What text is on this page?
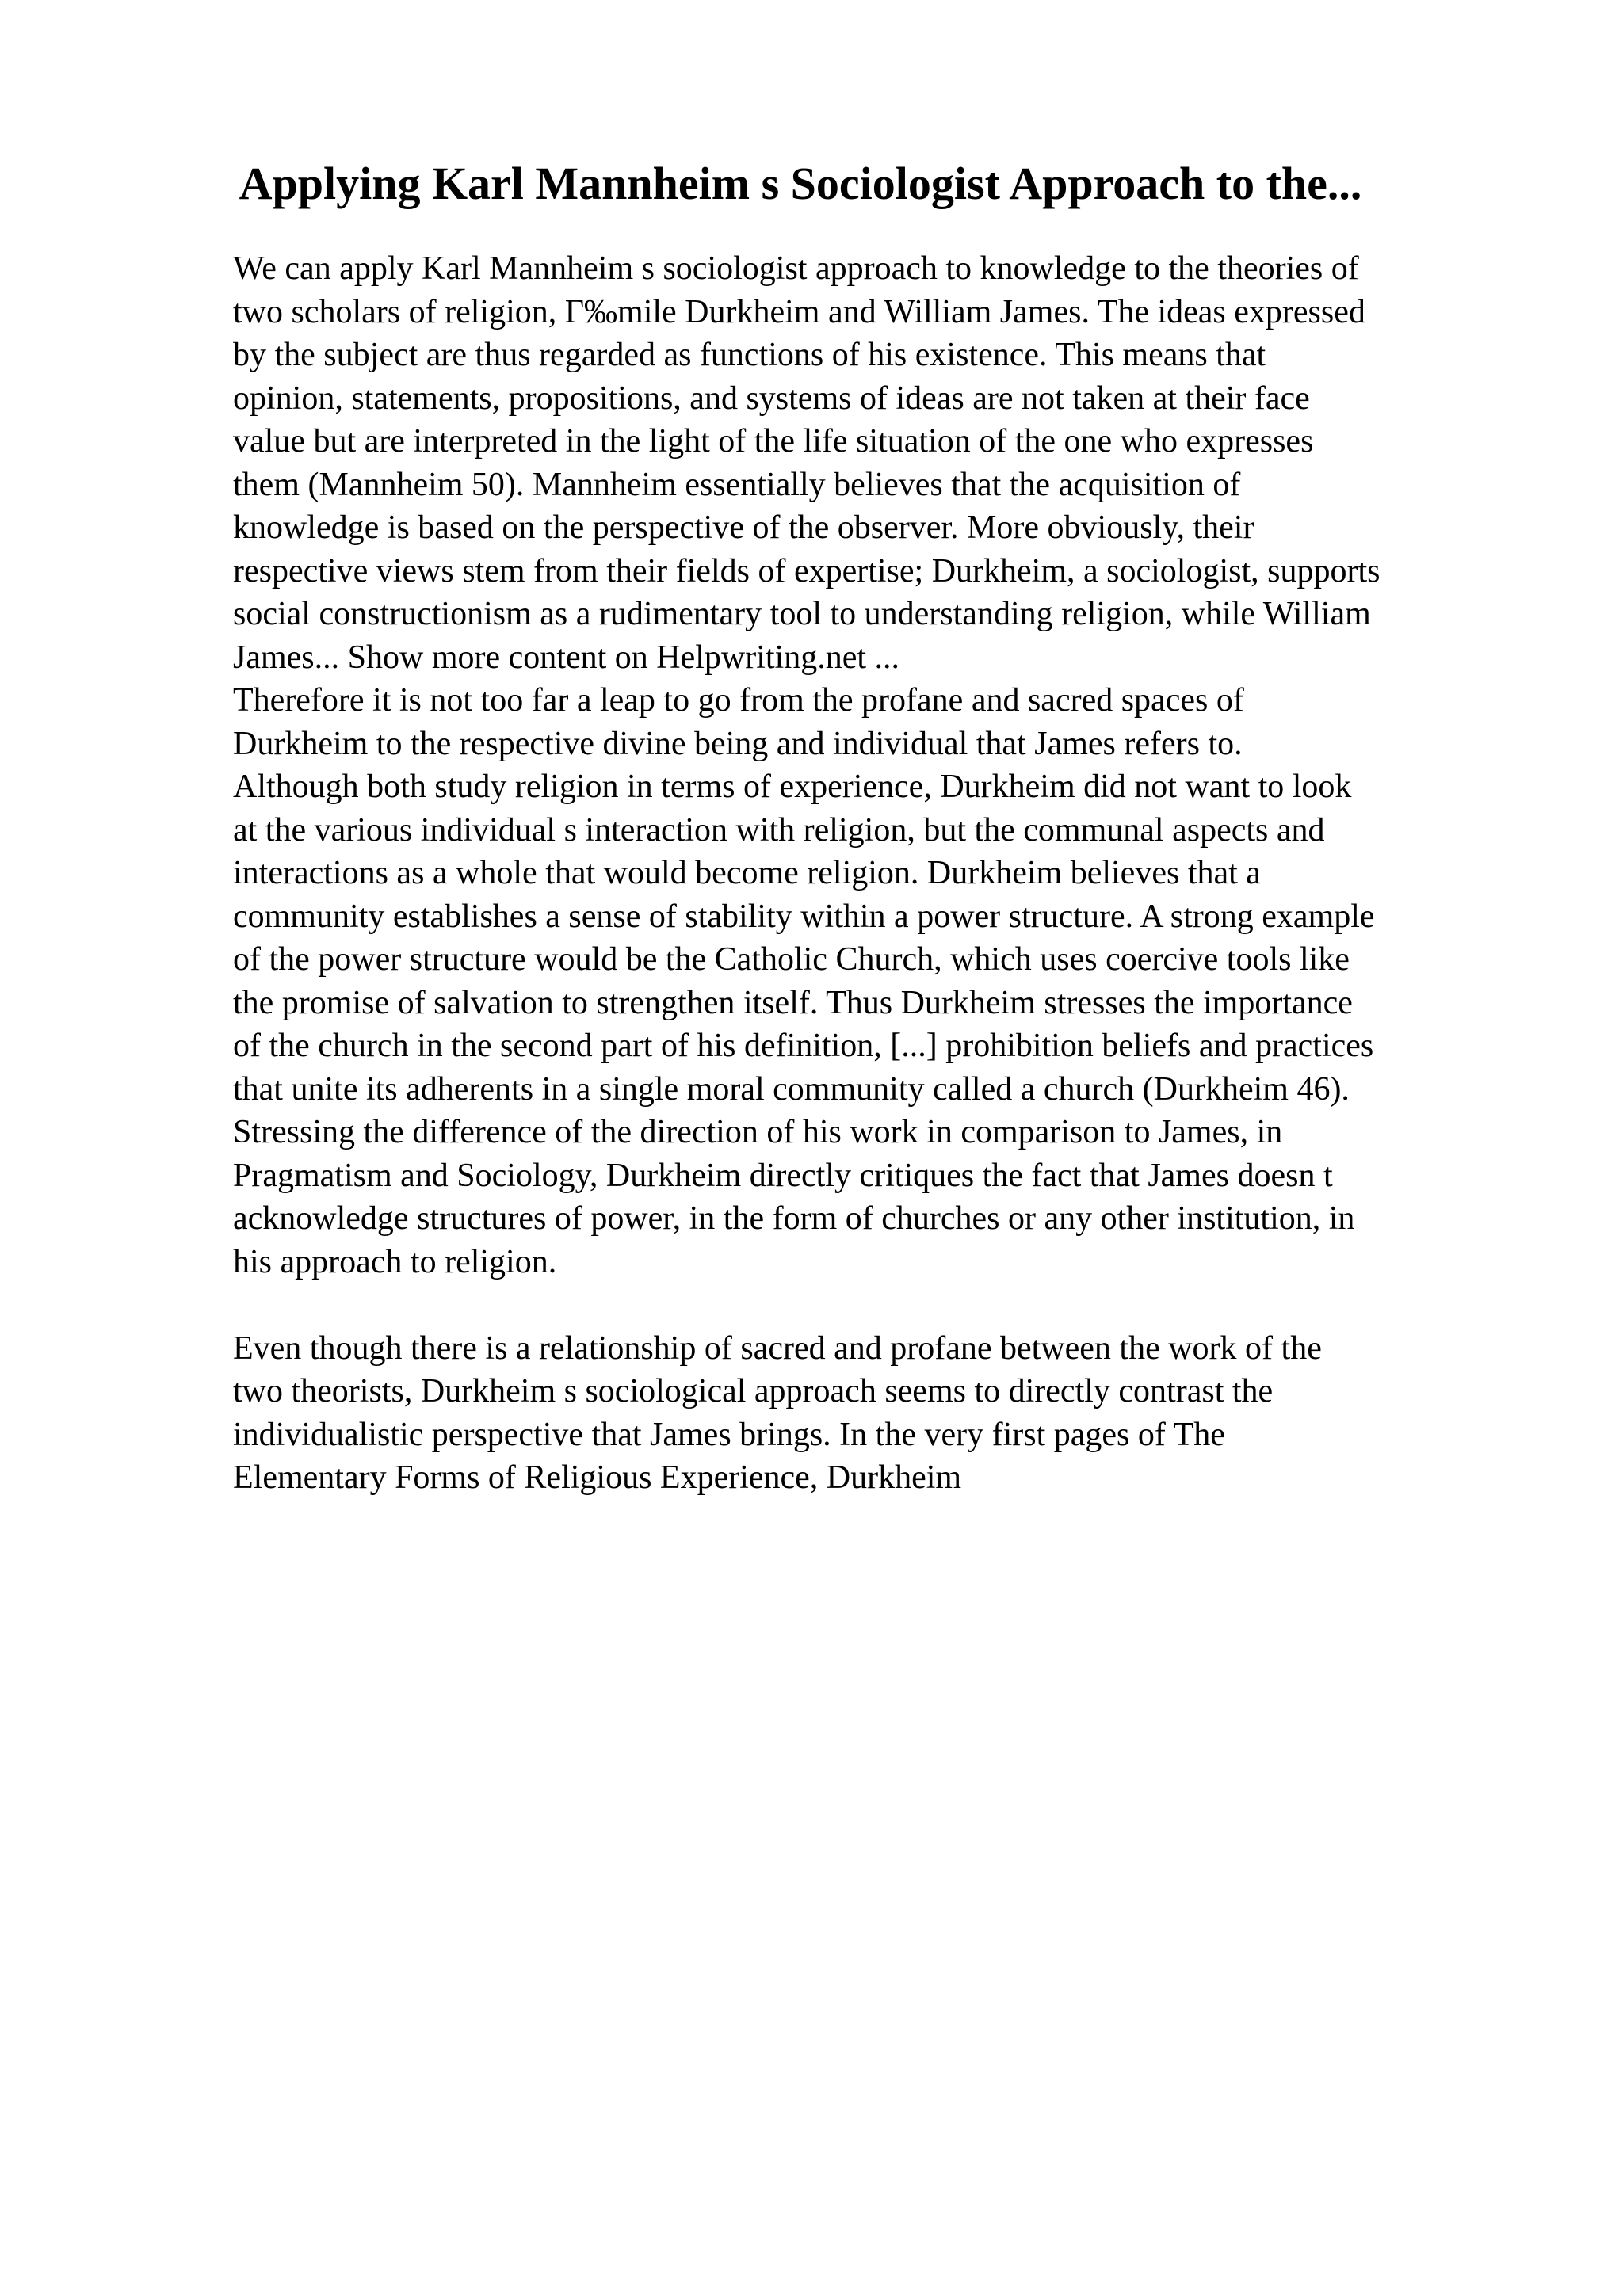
Applying Karl Mannheim s Sociologist Approach to the...

We can apply Karl Mannheim s sociologist approach to knowledge to the theories of
two scholars of religion, Г‰mile Durkheim and William James. The ideas expressed
by the subject are thus regarded as functions of his existence. This means that
opinion, statements, propositions, and systems of ideas are not taken at their face
value but are interpreted in the light of the life situation of the one who expresses
them (Mannheim 50). Mannheim essentially believes that the acquisition of
knowledge is based on the perspective of the observer. More obviously, their
respective views stem from their fields of expertise; Durkheim, a sociologist, supports
social constructionism as a rudimentary tool to understanding religion, while William
James... Show more content on Helpwriting.net ...

Therefore it is not too far a leap to go from the profane and sacred spaces of
Durkheim to the respective divine being and individual that James refers to.
Although both study religion in terms of experience, Durkheim did not want to look
at the various individual s interaction with religion, but the communal aspects and
interactions as a whole that would become religion. Durkheim believes that a
community establishes a sense of stability within a power structure. A strong example
of the power structure would be the Catholic Church, which uses coercive tools like
the promise of salvation to strengthen itself. Thus Durkheim stresses the importance
of the church in the second part of his definition, [...] prohibition beliefs and practices
that unite its adherents in a single moral community called a church (Durkheim 46).
Stressing the difference of the direction of his work in comparison to James, in
Pragmatism and Sociology, Durkheim directly critiques the fact that James doesn t
acknowledge structures of power, in the form of churches or any other institution, in
his approach to religion.

Even though there is a relationship of sacred and profane between the work of the
two theorists, Durkheim s sociological approach seems to directly contrast the
individualistic perspective that James brings. In the very first pages of The
Elementary Forms of Religious Experience, Durkheim
